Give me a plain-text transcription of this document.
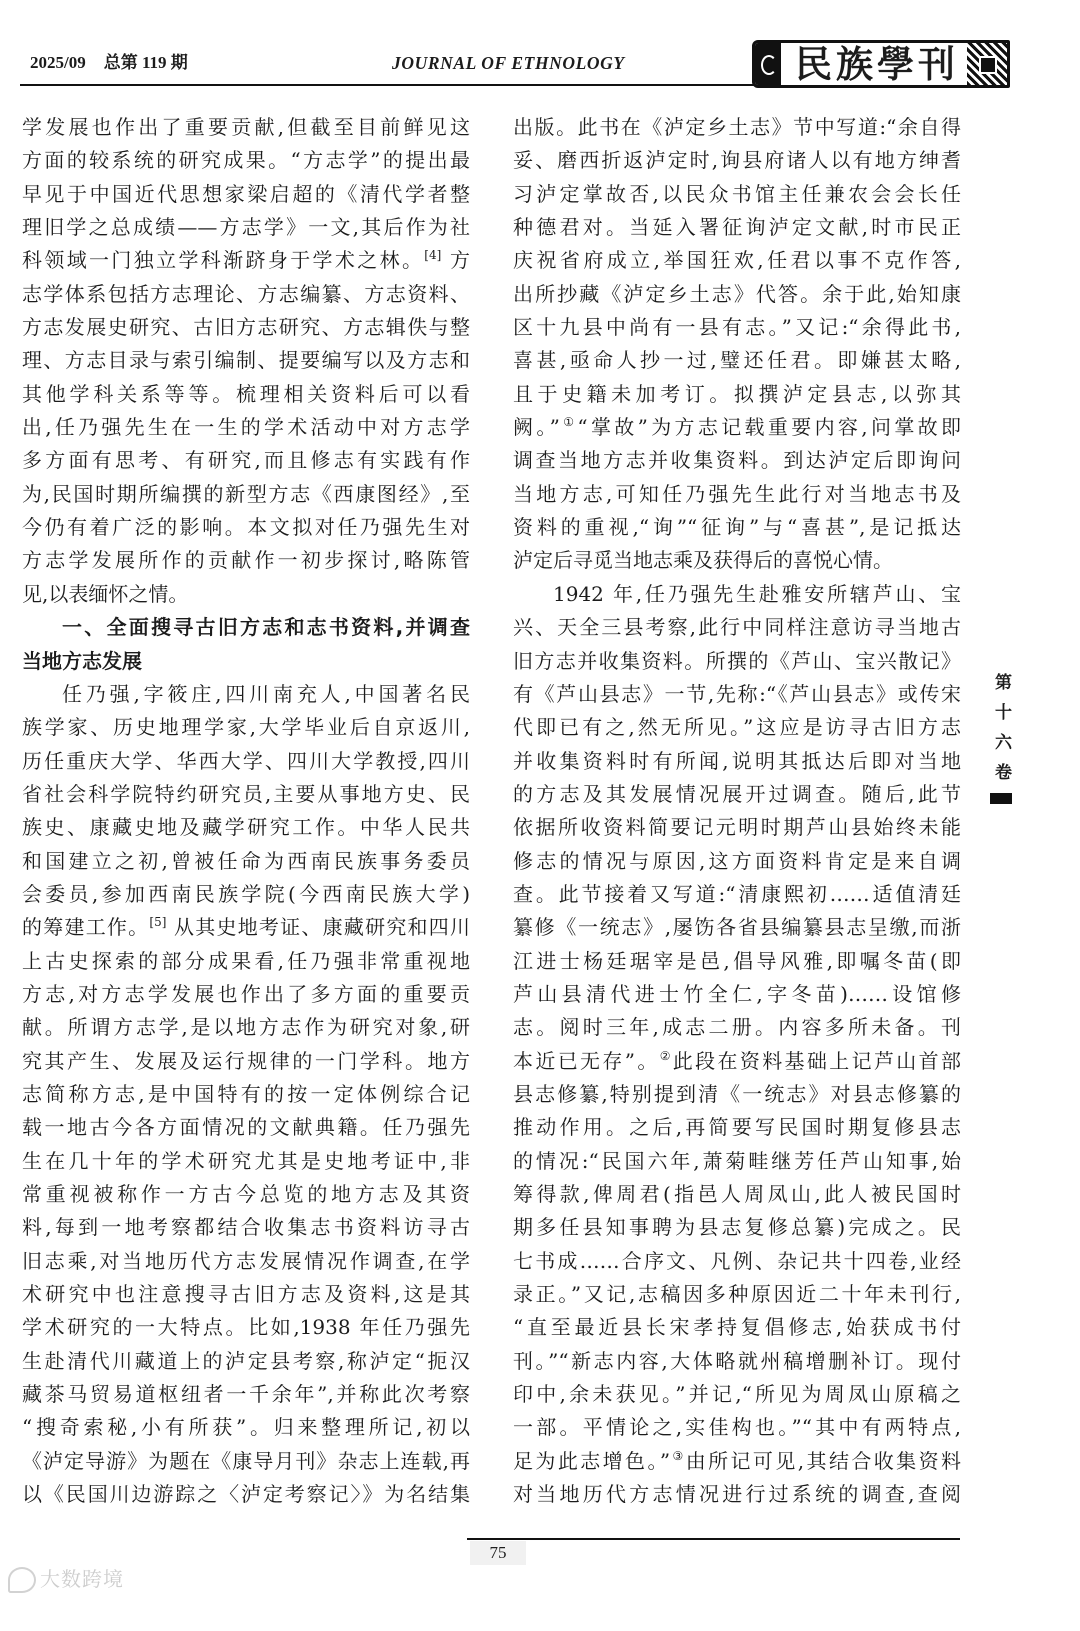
2025/09 总第 119 期	JOURNAL OF ETHNOLOGY	民族學刊
学发展也作出了重要贡献,但截至目前鲜见这
方面的较系统的研究成果。“方志学”的提出最
早见于中国近代思想家梁启超的《清代学者整
理旧学之总成绩——方志学》一文,其后作为社
科领域一门独立学科渐跻身于学术之林。[4] 方
志学体系包括方志理论、方志编纂、方志资料、
方志发展史研究、古旧方志研究、方志辑佚与整
理、方志目录与索引编制、提要编写以及方志和
其他学科关系等等。梳理相关资料后可以看
出,任乃强先生在一生的学术活动中对方志学
多方面有思考、有研究,而且修志有实践有作
为,民国时期所编撰的新型方志《西康图经》,至
今仍有着广泛的影响。本文拟对任乃强先生对
方志学发展所作的贡献作一初步探讨,略陈管
见,以表缅怀之情。
一、全面搜寻古旧方志和志书资料,并调查
当地方志发展
任乃强,字筱庄,四川南充人,中国著名民
族学家、历史地理学家,大学毕业后自京返川,
历任重庆大学、华西大学、四川大学教授,四川
省社会科学院特约研究员,主要从事地方史、民
族史、康藏史地及藏学研究工作。中华人民共
和国建立之初,曾被任命为西南民族事务委员
会委员,参加西南民族学院(今西南民族大学)
的筹建工作。[5] 从其史地考证、康藏研究和四川
上古史探索的部分成果看,任乃强非常重视地
方志,对方志学发展也作出了多方面的重要贡
献。所谓方志学,是以地方志作为研究对象,研
究其产生、发展及运行规律的一门学科。地方
志简称方志,是中国特有的按一定体例综合记
载一地古今各方面情况的文献典籍。任乃强先
生在几十年的学术研究尤其是史地考证中,非
常重视被称作一方古今总览的地方志及其资
料,每到一地考察都结合收集志书资料访寻古
旧志乘,对当地历代方志发展情况作调查,在学
术研究中也注意搜寻古旧方志及资料,这是其
学术研究的一大特点。比如,1938 年任乃强先
生赴清代川藏道上的泸定县考察,称泸定“扼汉
藏茶马贸易道枢纽者一千余年”,并称此次考察
“搜奇索秘,小有所获”。归来整理所记,初以
《泸定导游》为题在《康导月刊》杂志上连载,再
以《民国川边游踪之〈泸定考察记〉》为名结集
出版。此书在《泸定乡土志》节中写道:“余自得
妥、磨西折返泸定时,询县府诸人以有地方绅耆
习泸定掌故否,以民众书馆主任兼农会会长任
种德君对。当延入署征询泸定文献,时市民正
庆祝省府成立,举国狂欢,任君以事不克作答,
出所抄藏《泸定乡土志》代答。余于此,始知康
区十九县中尚有一县有志。”又记:“余得此书,
喜甚,亟命人抄一过,璧还任君。即嫌甚太略,
且于史籍未加考订。拟撰泸定县志,以弥其
阙。”①“掌故”为方志记载重要内容,问掌故即
调查当地方志并收集资料。到达泸定后即询问
当地方志,可知任乃强先生此行对当地志书及
资料的重视,“询”“征询”与“喜甚”,是记抵达
泸定后寻觅当地志乘及获得后的喜悦心情。
1942 年,任乃强先生赴雅安所辖芦山、宝
兴、天全三县考察,此行中同样注意访寻当地古
旧方志并收集资料。所撰的《芦山、宝兴散记》
有《芦山县志》一节,先称:“《芦山县志》或传宋
代即已有之,然无所见。”这应是访寻古旧方志
并收集资料时有所闻,说明其抵达后即对当地
的方志及其发展情况展开过调查。随后,此节
依据所收资料简要记元明时期芦山县始终未能
修志的情况与原因,这方面资料肯定是来自调
查。此节接着又写道:“清康熙初……适值清廷
纂修《一统志》,屡饬各省县编纂县志呈缴,而浙
江进士杨廷琚宰是邑,倡导风雅,即嘱冬苗(即
芦山县清代进士竹全仁,字冬苗)……设馆修
志。阅时三年,成志二册。内容多所未备。刊
本近已无存”。②此段在资料基础上记芦山首部
县志修纂,特别提到清《一统志》对县志修纂的
推动作用。之后,再简要写民国时期复修县志
的情况:“民国六年,萧菊畦继芳任芦山知事,始
筹得款,俾周君(指邑人周凤山,此人被民国时
期多任县知事聘为县志复修总纂)完成之。民
七书成……合序文、凡例、杂记共十四卷,业经
录正。”又记,志稿因多种原因近二十年未刊行,
“直至最近县长宋孝持复倡修志,始获成书付
刊。”“新志内容,大体略就州稿增删补订。现付
印中,余未获见。”并记,“所见为周凤山原稿之
一部。平情论之,实佳构也。”“其中有两特点,
足为此志增色。”③由所记可见,其结合收集资料
对当地历代方志情况进行过系统的调查,查阅
第十六卷
75
大数跨境
